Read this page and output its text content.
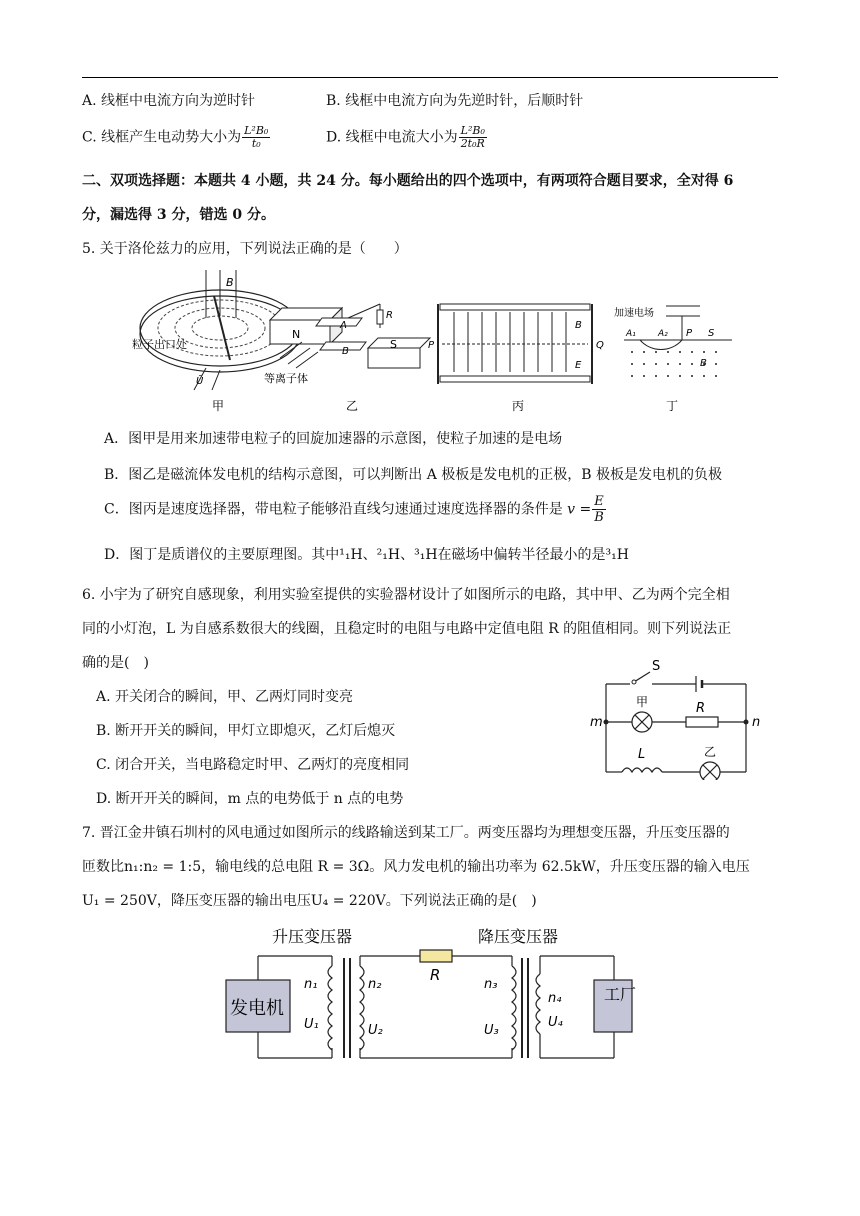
A. 线框中电流方向为逆时针	B. 线框中电流方向为先逆时针，后顺时针
C. 线框产生电动势大小为 $\frac{\text{L²B₀}}{\text{t₀}}$	D. 线框中电流大小为 $\frac{\text{L²B₀}}{\text{2t₀R}}$
二、双项选择题：本题共 4 小题，共 24 分。每小题给出的四个选项中，有两项符合题目要求，全对得 6
分，漏选得 3 分，错选 0 分。
5. 关于洛伦兹力的应用，下列说法正确的是（　　）
B
粒子出口处
Ũ
甲
N
A
B
S
R
等离子体
乙
P	Q
B
E
丙
加速电场
A₁ A₂ P S
B
丁
A．图甲是用来加速带电粒子的回旋加速器的示意图，使粒子加速的是电场
B．图乙是磁流体发电机的结构示意图，可以判断出 A 极板是发电机的正极，B 极板是发电机的负极
C．图丙是速度选择器，带电粒子能够沿直线匀速通过速度选择器的条件是 $v = \frac{E}{B}$
D．图丁是质谱仪的主要原理图。其中¹₁H、²₁H、³₁H在磁场中偏转半径最小的是³₁H
6. 小宇为了研究自感现象，利用实验室提供的实验器材设计了如图所示的电路，其中甲、乙为两个完全相
同的小灯泡，L 为自感系数很大的线圈，且稳定时的电阻与电路中定值电阻 R 的阻值相同。则下列说法正
确的是(　)
A. 开关闭合的瞬间，甲、乙两灯同时变亮
B. 断开开关的瞬间，甲灯立即熄灭，乙灯后熄灭
C. 闭合开关，当电路稳定时甲、乙两灯的亮度相同
D. 断开开关的瞬间，m 点的电势低于 n 点的电势
S
甲	R
L	乙
m	n
7. 晋江金井镇石圳村的风电通过如图所示的线路输送到某工厂。两变压器均为理想变压器，升压变压器的
匝数比n₁:n₂ = 1:5，输电线的总电阻 R = 3Ω。风力发电机的输出功率为 62.5kW，升压变压器的输入电压
U₁ = 250V，降压变压器的输出电压U₄ = 220V。下列说法正确的是(　)
升压变压器	降压变压器
发电机
工厂
R
n₁
U₁
n₂
U₂
n₃
U₃
n₄
U₄
